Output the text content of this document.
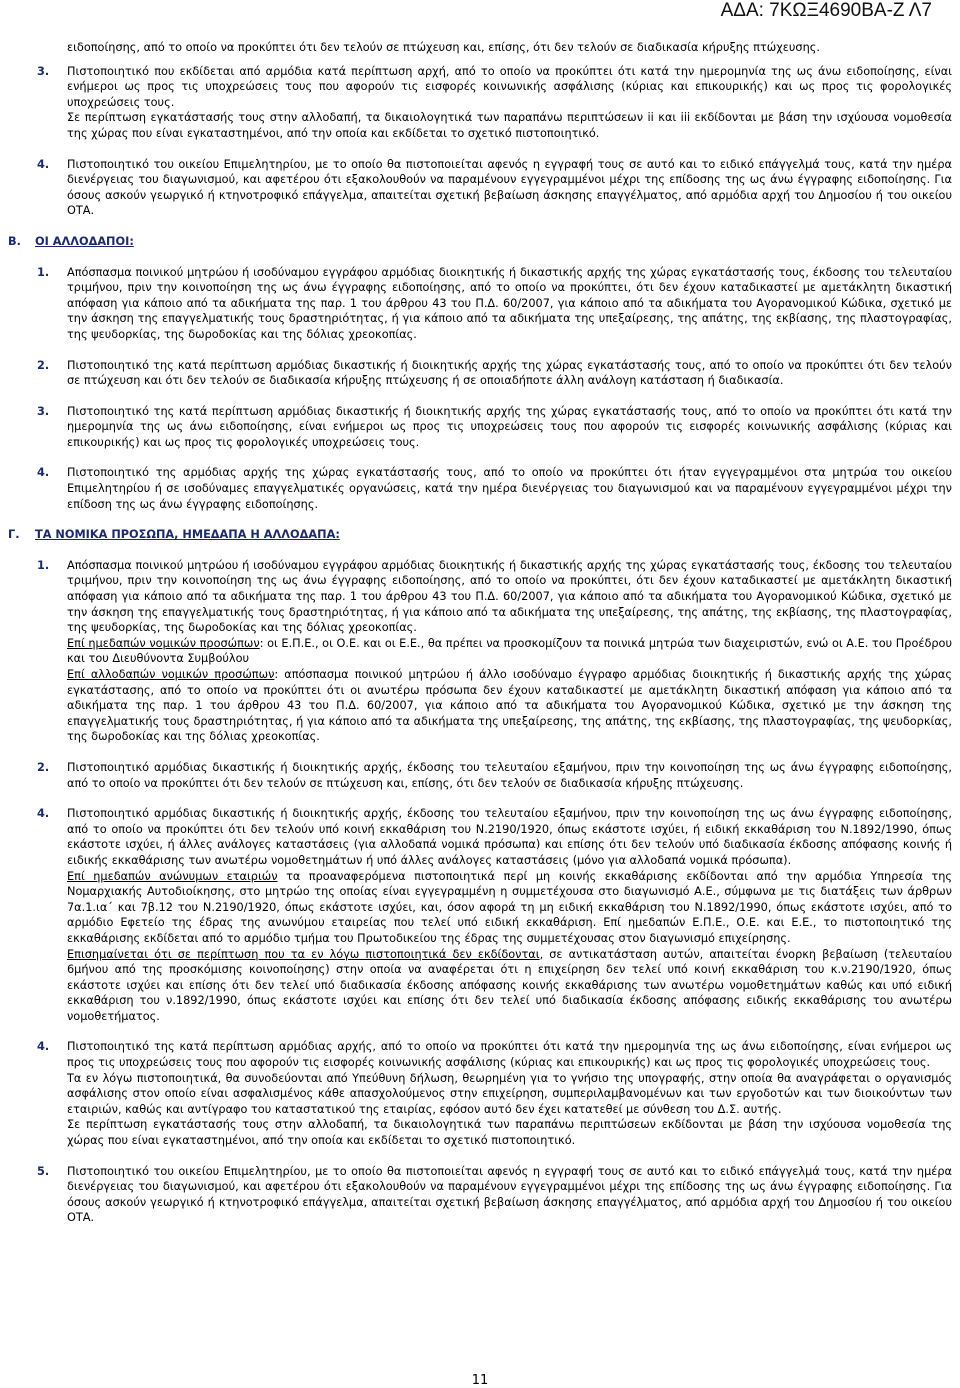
ΑΔΑ: 7ΚΩΞ4690ΒΑ-Ζ Λ7

ειδοποίησης, από το οποίο να προκύπτει ότι δεν τελούν σε πτώχευση και, επίσης, ότι δεν τελούν σε διαδικασία κήρυξης πτώχευσης.

3. Πιστοποιητικό που εκδίδεται από αρμόδια κατά περίπτωση αρχή, από το οποίο να προκύπτει ότι κατά την ημερομηνία της ως άνω ειδοποίησης, είναι ενήμεροι ως προς τις υποχρεώσεις τους που αφορούν τις εισφορές κοινωνικής ασφάλισης (κύριας και επικουρικής) και ως προς τις φορολογικές υποχρεώσεις τους.

Σε περίπτωση εγκατάστασής τους στην αλλοδαπή, τα δικαιολογητικά των παραπάνω περιπτώσεων ii και iii εκδίδονται με βάση την ισχύουσα νομοθεσία της χώρας που είναι εγκαταστημένοι, από την οποία και εκδίδεται το σχετικό πιστοποιητικό.

4. Πιστοποιητικό του οικείου Επιμελητηρίου, με το οποίο θα πιστοποιείται αφενός η εγγραφή τους σε αυτό και το ειδικό επάγγελμά τους, κατά την ημέρα διενέργειας του διαγωνισμού, και αφετέρου ότι εξακολουθούν να παραμένουν εγγεγραμμένοι μέχρι της επίδοσης της ως άνω έγγραφης ειδοποίησης. Για όσους ασκούν γεωργικό ή κτηνοτροφικό επάγγελμα, απαιτείται σχετική βεβαίωση άσκησης επαγγέλματος, από αρμόδια αρχή του Δημοσίου ή του οικείου ΟΤΑ.

Β. ΟΙ ΑΛΛΟΔΑΠΟΙ:
1. Απόσπασμα ποινικού μητρώου ή ισοδύναμου εγγράφου αρμόδιας διοικητικής ή δικαστικής αρχής της χώρας εγκατάστασής τους, έκδοσης του τελευταίου τριμήνου, πριν την κοινοποίηση της ως άνω έγγραφης ειδοποίησης, από το οποίο να προκύπτει, ότι δεν έχουν καταδικαστεί με αμετάκλητη δικαστική απόφαση για κάποιο από τα αδικήματα της παρ. 1 του άρθρου 43 του Π.Δ. 60/2007, για κάποιο από τα αδικήματα του Αγορανομικού Κώδικα, σχετικό με την άσκηση της επαγγελματικής τους δραστηριότητας, ή για κάποιο από τα αδικήματα της υπεξαίρεσης, της απάτης, της εκβίασης, της πλαστογραφίας, της ψευδορκίας, της δωροδοκίας και της δόλιας χρεοκοπίας.

2. Πιστοποιητικό της κατά περίπτωση αρμόδιας δικαστικής ή διοικητικής αρχής της χώρας εγκατάστασής τους, από το οποίο να προκύπτει ότι δεν τελούν σε πτώχευση και ότι δεν τελούν σε διαδικασία κήρυξης πτώχευσης ή σε οποιαδήποτε άλλη ανάλογη κατάσταση ή διαδικασία.

3. Πιστοποιητικό της κατά περίπτωση αρμόδιας δικαστικής ή διοικητικής αρχής της χώρας εγκατάστασής τους, από το οποίο να προκύπτει ότι κατά την ημερομηνία της ως άνω ειδοποίησης, είναι ενήμεροι ως προς τις υποχρεώσεις τους που αφορούν τις εισφορές κοινωνικής ασφάλισης (κύριας και επικουρικής) και ως προς τις φορολογικές υποχρεώσεις τους.

4. Πιστοποιητικό της αρμόδιας αρχής της χώρας εγκατάστασής τους, από το οποίο να προκύπτει ότι ήταν εγγεγραμμένοι στα μητρώα του οικείου Επιμελητηρίου ή σε ισοδύναμες επαγγελματικές οργανώσεις, κατά την ημέρα διενέργειας του διαγωνισμού και να παραμένουν εγγεγραμμένοι μέχρι την επίδοση της ως άνω έγγραφης ειδοποίησης.

Γ. ΤΑ ΝΟΜΙΚΑ ΠΡΟΣΩΠΑ, ΗΜΕΔΑΠΑ Η ΑΛΛΟΔΑΠΑ:
1. Απόσπασμα ποινικού μητρώου ή ισοδύναμου εγγράφου αρμόδιας διοικητικής ή δικαστικής αρχής της χώρας εγκατάστασής τους, έκδοσης του τελευταίου τριμήνου, πριν την κοινοποίηση της ως άνω έγγραφης ειδοποίησης, από το οποίο να προκύπτει, ότι δεν έχουν καταδικαστεί με αμετάκλητη δικαστική απόφαση για κάποιο από τα αδικήματα της παρ. 1 του άρθρου 43 του Π.Δ. 60/2007, για κάποιο από τα αδικήματα του Αγορανομικού Κώδικα, σχετικό με την άσκηση της επαγγελματικής τους δραστηριότητας, ή για κάποιο από τα αδικήματα της υπεξαίρεσης, της απάτης, της εκβίασης, της πλαστογραφίας, της ψευδορκίας, της δωροδοκίας και της δόλιας χρεοκοπίας.

Επί ημεδαπών νομικών προσώπων: οι Ε.Π.Ε., οι Ο.Ε. και οι Ε.Ε., θα πρέπει να προσκομίζουν τα ποινικά μητρώα των διαχειριστών, ενώ οι Α.Ε. του Προέδρου και του Διευθύνοντα Συμβούλου

Επί αλλοδαπών νομικών προσώπων: απόσπασμα ποινικού μητρώου ή άλλο ισοδύναμο έγγραφο αρμόδιας διοικητικής ή δικαστικής αρχής της χώρας εγκατάστασης, από το οποίο να προκύπτει ότι οι ανωτέρω πρόσωπα δεν έχουν καταδικαστεί με αμετάκλητη δικαστική απόφαση για κάποιο από τα αδικήματα της παρ. 1 του άρθρου 43 του Π.Δ. 60/2007, για κάποιο από τα αδικήματα του Αγορανομικού Κώδικα, σχετικό με την άσκηση της επαγγελματικής τους δραστηριότητας, ή για κάποιο από τα αδικήματα της υπεξαίρεσης, της απάτης, της εκβίασης, της πλαστογραφίας, της ψευδορκίας, της δωροδοκίας και της δόλιας χρεοκοπίας.

2. Πιστοποιητικό αρμόδιας δικαστικής ή διοικητικής αρχής, έκδοσης του τελευταίου εξαμήνου, πριν την κοινοποίηση της ως άνω έγγραφης ειδοποίησης, από το οποίο να προκύπτει ότι δεν τελούν σε πτώχευση και, επίσης, ότι δεν τελούν σε διαδικασία κήρυξης πτώχευσης.

4. Πιστοποιητικό αρμόδιας δικαστικής ή διοικητικής αρχής, έκδοσης του τελευταίου εξαμήνου, πριν την κοινοποίηση της ως άνω έγγραφης ειδοποίησης, από το οποίο να προκύπτει ότι δεν τελούν υπό κοινή εκκαθάριση του Ν.2190/1920, όπως εκάστοτε ισχύει, ή ειδική εκκαθάριση του Ν.1892/1990, όπως εκάστοτε ισχύει, ή άλλες ανάλογες καταστάσεις (για αλλοδαπά νομικά πρόσωπα) και επίσης ότι δεν τελούν υπό διαδικασία έκδοσης απόφασης κοινής ή ειδικής εκκαθάρισης των ανωτέρω νομοθετημάτων ή υπό άλλες ανάλογες καταστάσεις (μόνο για αλλοδαπά νομικά πρόσωπα).

Επί ημεδαπών ανώνυμων εταιριών τα προαναφερόμενα πιστοποιητικά περί μη κοινής εκκαθάρισης εκδίδονται από την αρμόδια Υπηρεσία της Νομαρχιακής Αυτοδιοίκησης, στο μητρώο της οποίας είναι εγγεγραμμένη η συμμετέχουσα στο διαγωνισμό Α.Ε., σύμφωνα με τις διατάξεις των άρθρων 7α.1.ια΄ και 7β.12 του Ν.2190/1920, όπως εκάστοτε ισχύει, και, όσον αφορά τη μη ειδική εκκαθάριση του Ν.1892/1990, όπως εκάστοτε ισχύει, από το αρμόδιο Εφετείο της έδρας της ανωνύμου εταιρείας που τελεί υπό ειδική εκκαθάριση. Επί ημεδαπών Ε.Π.Ε., Ο.Ε. και Ε.Ε., το πιστοποιητικό της εκκαθάρισης εκδίδεται από το αρμόδιο τμήμα του Πρωτοδικείου της έδρας της συμμετέχουσας στον διαγωνισμό επιχείρησης.

Επισημαίνεται ότι σε περίπτωση που τα εν λόγω πιστοποιητικά δεν εκδίδονται, σε αντικατάσταση αυτών, απαιτείται ένορκη βεβαίωση (τελευταίου 6μήνου από της προσκόμισης κοινοποίησης) στην οποία να αναφέρεται ότι η επιχείρηση δεν τελεί υπό κοινή εκκαθάριση του κ.ν.2190/1920, όπως εκάστοτε ισχύει και επίσης ότι δεν τελεί υπό διαδικασία έκδοσης απόφασης κοινής εκκαθάρισης των ανωτέρω νομοθετημάτων καθώς και υπό ειδική εκκαθάριση του ν.1892/1990, όπως εκάστοτε ισχύει και επίσης ότι δεν τελεί υπό διαδικασία έκδοσης απόφασης ειδικής εκκαθάρισης του ανωτέρω νομοθετήματος.

4. Πιστοποιητικό της κατά περίπτωση αρμόδιας αρχής, από το οποίο να προκύπτει ότι κατά την ημερομηνία της ως άνω ειδοποίησης, είναι ενήμεροι ως προς τις υποχρεώσεις τους που αφορούν τις εισφορές κοινωνικής ασφάλισης (κύριας και επικουρικής) και ως προς τις φορολογικές υποχρεώσεις τους.

Τα εν λόγω πιστοποιητικά, θα συνοδεύονται από Υπεύθυνη δήλωση, θεωρημένη για το γνήσιο της υπογραφής, στην οποία θα αναγράφεται ο οργανισμός ασφάλισης στον οποίο είναι ασφαλισμένος κάθε απασχολούμενος στην επιχείρηση, συμπεριλαμβανομένων και των εργοδοτών και των διοικούντων των εταιριών, καθώς και αντίγραφο του καταστατικού της εταιρίας, εφόσον αυτό δεν έχει κατατεθεί με σύνθεση του Δ.Σ. αυτής.

Σε περίπτωση εγκατάστασής τους στην αλλοδαπή, τα δικαιολογητικά των παραπάνω περιπτώσεων εκδίδονται με βάση την ισχύουσα νομοθεσία της χώρας που είναι εγκαταστημένοι, από την οποία και εκδίδεται το σχετικό πιστοποιητικό.

5. Πιστοποιητικό του οικείου Επιμελητηρίου, με το οποίο θα πιστοποιείται αφενός η εγγραφή τους σε αυτό και το ειδικό επάγγελμά τους, κατά την ημέρα διενέργειας του διαγωνισμού, και αφετέρου ότι εξακολουθούν να παραμένουν εγγεγραμμένοι μέχρι της επίδοσης της ως άνω έγγραφης ειδοποίησης. Για όσους ασκούν γεωργικό ή κτηνοτροφικό επάγγελμα, απαιτείται σχετική βεβαίωση άσκησης επαγγέλματος, από αρμόδια αρχή του Δημοσίου ή του οικείου ΟΤΑ.

11
